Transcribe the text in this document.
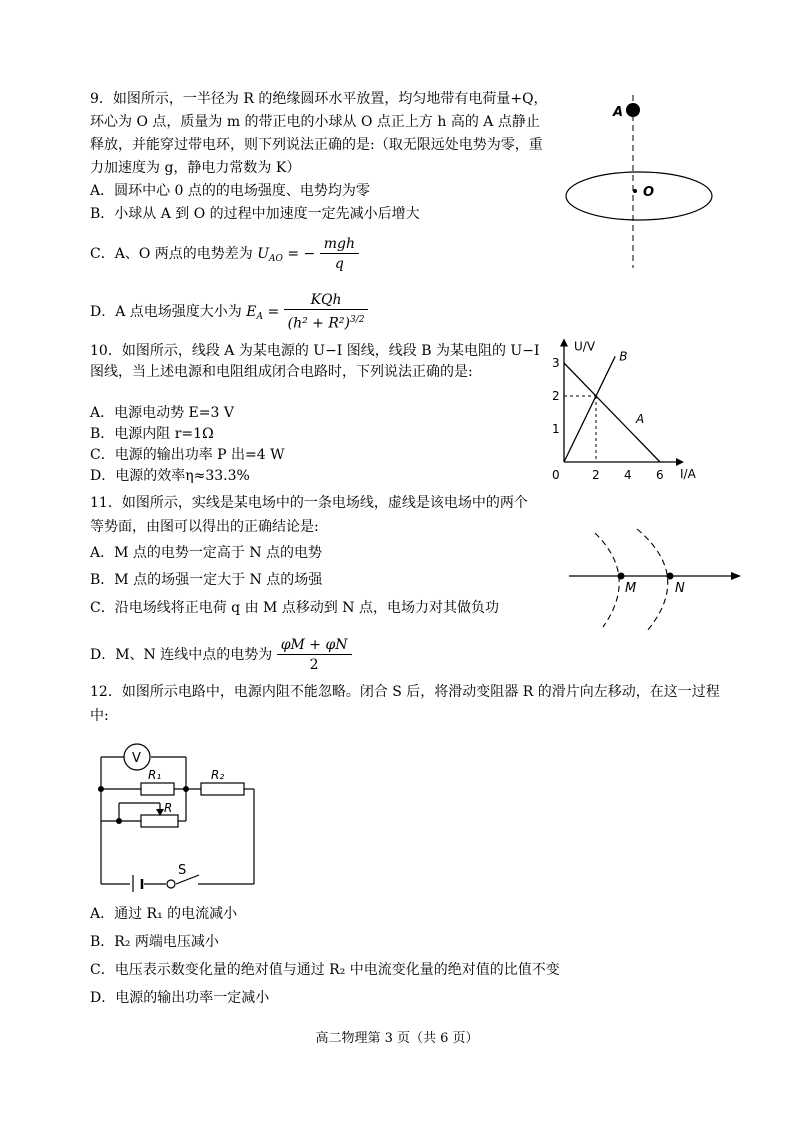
9．如图所示，一半径为 R 的绝缘圆环水平放置，均匀地带有电荷量+Q，环心为 O 点，质量为 m 的带正电的小球从 O 点正上方 h 高的 A 点静止释放，并能穿过带电环，则下列说法正确的是:（取无限远处电势为零，重力加速度为 g，静电力常数为 K）
A．圆环中心 0 点的的电场强度、电势均为零
B．小球从 A 到 O 的过程中加速度一定先减小后增大
C．A、O 两点的电势差为 $U_{AO}$ = − $\frac{\text{mgh}}{q}$
D．A 点电场强度大小为 $E_A = \frac{\text{KQh}}{(h^2 + R^2)^{3/2}}$
A
O
10．如图所示，线段 A 为某电源的 U−I 图线，线段 B 为某电阻的 U−I 图线，当上述电源和电阻组成闭合电路时，下列说法正确的是:
A．电源电动势 E=3 V
B．电源内阻 r=1Ω
C．电源的输出功率 P 出=4 W
D．电源的效率η≈33.3%	I/A
U/V
0	2 4 6
1
2
3
A
B
11．如图所示，实线是某电场中的一条电场线，虚线是该电场中的两个等势面，由图可以得出的正确结论是:
A．M 点的电势一定高于 N 点的电势
B．M 点的场强一定大于 N 点的场强
C．沿电场线将正电荷 q 由 M 点移动到 N 点，电场力对其做负功
D．M、N 连线中点的电势为 $\frac{\varphi M + \varphi N}{2}$
M	N
12．如图所示电路中，电源内阻不能忽略。闭合 S 后，将滑动变阻器 R 的滑片向左移动，在这一过程中:
V
R₁	R₂
R
S
A．通过 R₁ 的电流减小
B．R₂ 两端电压减小
C．电压表示数变化量的绝对值与通过 R₂ 中电流变化量的绝对值的比值不变
D．电源的输出功率一定减小
高二物理第 3 页（共 6 页）
